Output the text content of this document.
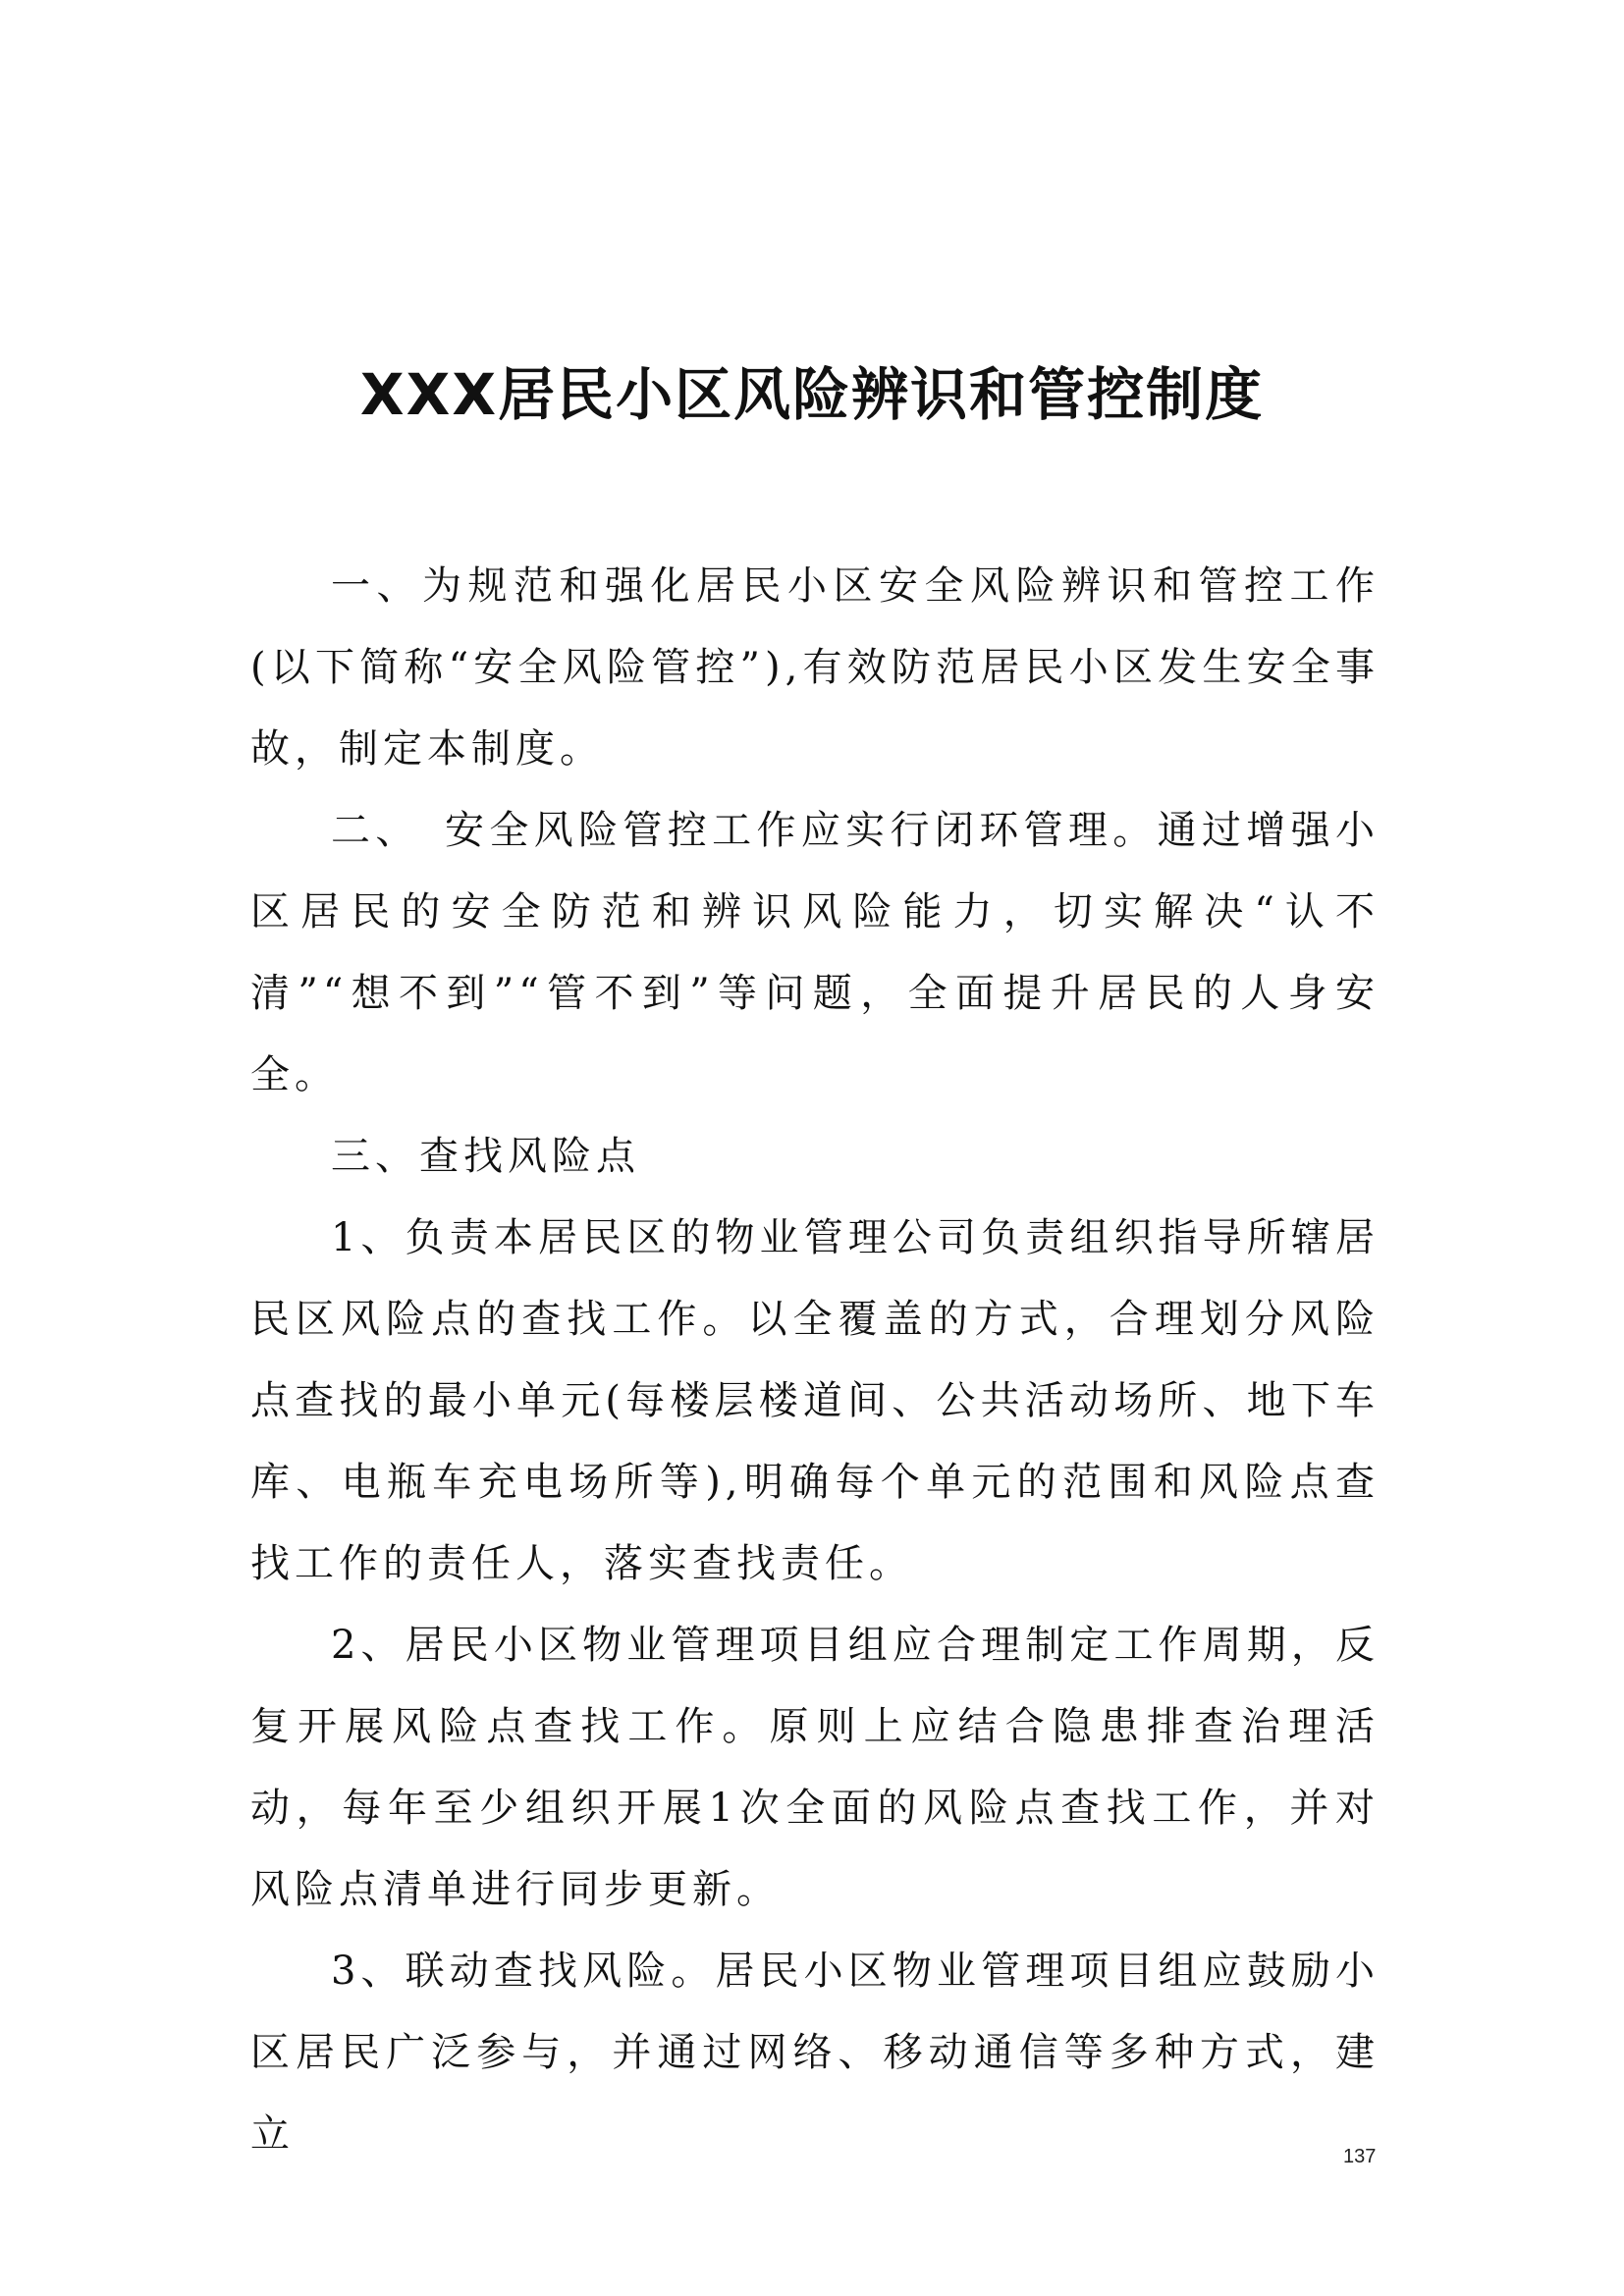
XXX居民小区风险辨识和管控制度

一、为规范和强化居民小区安全风险辨识和管控工作(以下简称“安全风险管控”),有效防范居民小区发生安全事故，制定本制度。

二、　安全风险管控工作应实行闭环管理。通过增强小区居民的安全防范和辨识风险能力，切实解决“认不清”“想不到”“管不到”等问题，全面提升居民的人身安全。

三、查找风险点

1、负责本居民区的物业管理公司负责组织指导所辖居民区风险点的查找工作。以全覆盖的方式，合理划分风险点查找的最小单元(每楼层楼道间、公共活动场所、地下车库、电瓶车充电场所等),明确每个单元的范围和风险点查找工作的责任人，落实查找责任。

2、居民小区物业管理项目组应合理制定工作周期，反复开展风险点查找工作。原则上应结合隐患排查治理活动，每年至少组织开展1次全面的风险点查找工作，并对风险点清单进行同步更新。

3、联动查找风险。居民小区物业管理项目组应鼓励小区居民广泛参与，并通过网络、移动通信等多种方式，建立	137
